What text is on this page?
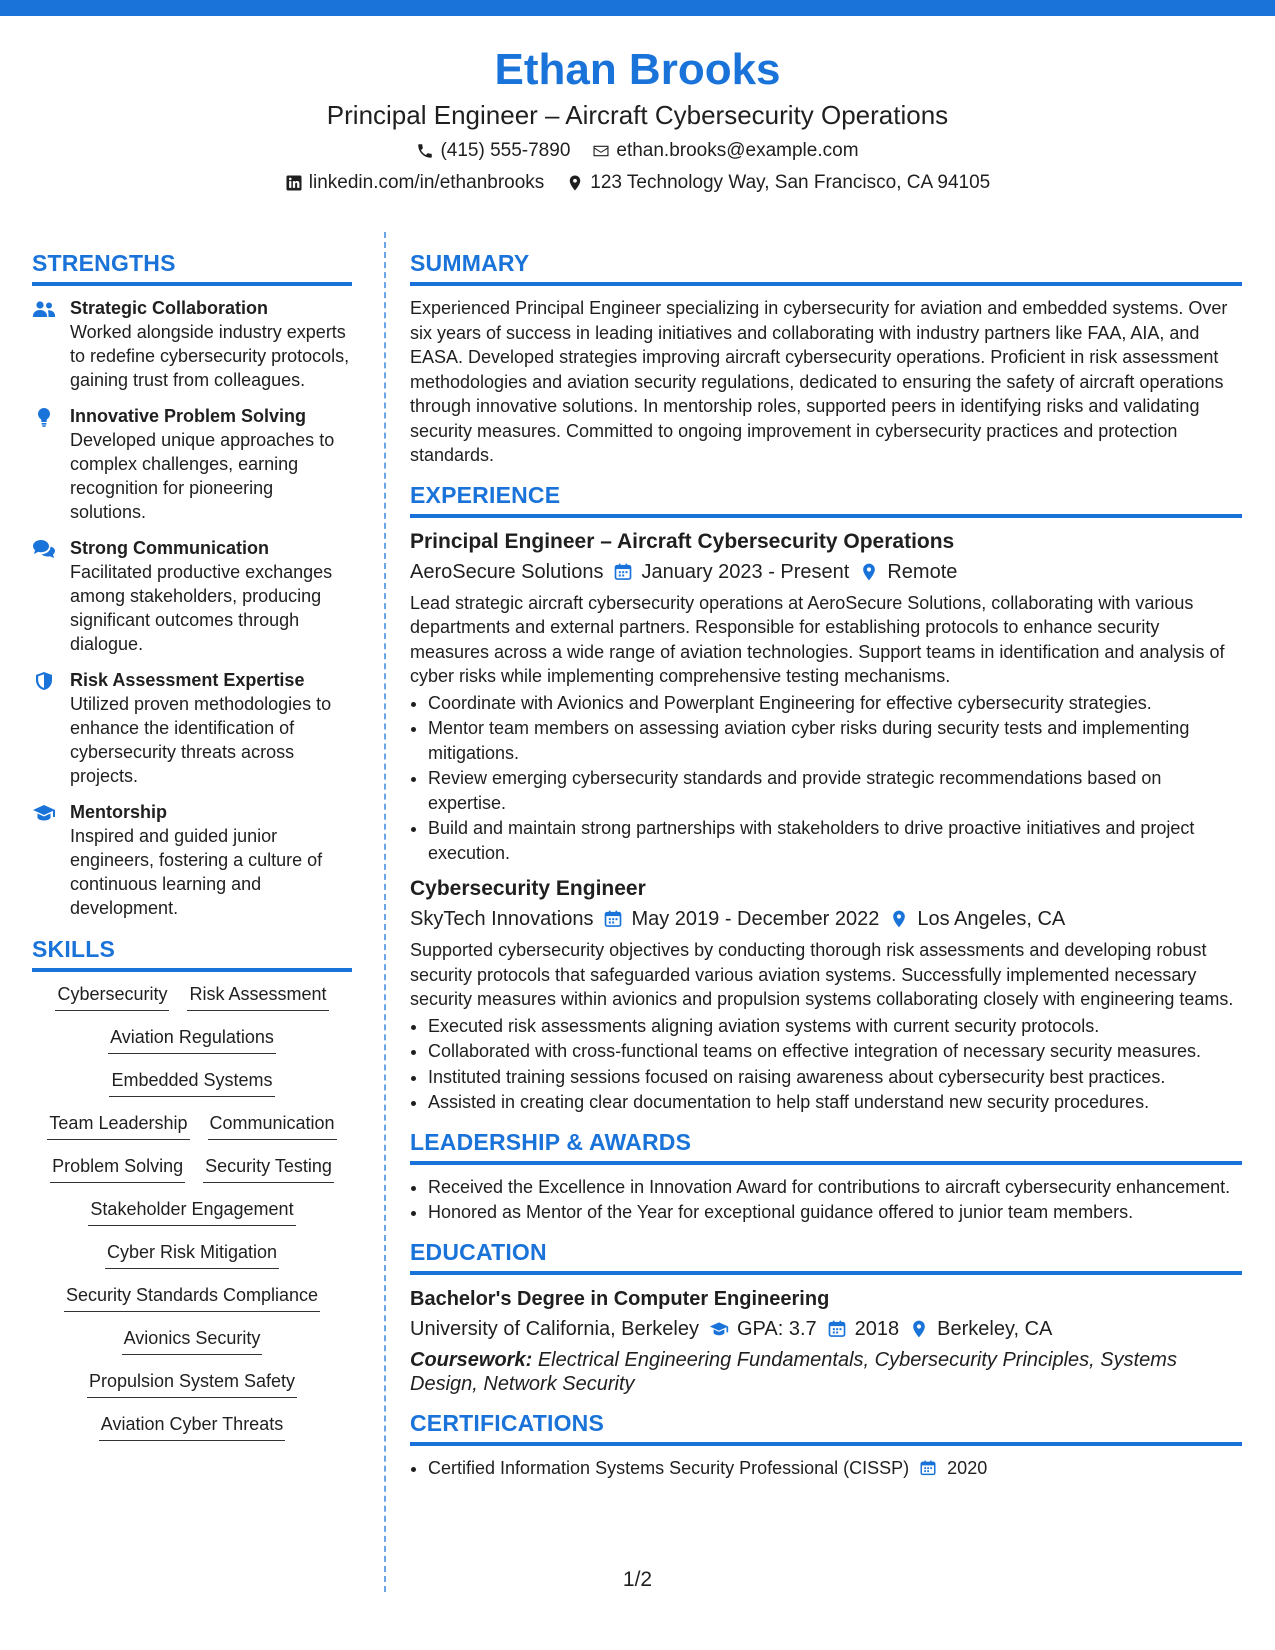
Ethan Brooks
Principal Engineer – Aircraft Cybersecurity Operations
(415) 555-7890 ethan.brooks@example.com
linkedin.com/in/ethanbrooks 123 Technology Way, San Francisco, CA 94105
STRENGTHS
Strategic Collaboration
Worked alongside industry experts to redefine cybersecurity protocols, gaining trust from colleagues.
Innovative Problem Solving
Developed unique approaches to complex challenges, earning recognition for pioneering solutions.
Strong Communication
Facilitated productive exchanges among stakeholders, producing significant outcomes through dialogue.
Risk Assessment Expertise
Utilized proven methodologies to enhance the identification of cybersecurity threats across projects.
Mentorship
Inspired and guided junior engineers, fostering a culture of continuous learning and development.
SKILLS
Cybersecurity Risk Assessment
Aviation Regulations
Embedded Systems
Team Leadership Communication
Problem Solving Security Testing
Stakeholder Engagement
Cyber Risk Mitigation
Security Standards Compliance
Avionics Security
Propulsion System Safety
Aviation Cyber Threats
SUMMARY

Experienced Principal Engineer specializing in cybersecurity for aviation and embedded systems. Over six years of success in leading initiatives and collaborating with industry partners like FAA, AIA, and EASA. Developed strategies improving aircraft cybersecurity operations. Proficient in risk assessment methodologies and aviation security regulations, dedicated to ensuring the safety of aircraft operations through innovative solutions. In mentorship roles, supported peers in identifying risks and validating security measures. Committed to ongoing improvement in cybersecurity practices and protection standards.

EXPERIENCE
Principal Engineer – Aircraft Cybersecurity Operations
AeroSecure Solutions January 2023 - Present Remote

Lead strategic aircraft cybersecurity operations at AeroSecure Solutions, collaborating with various departments and external partners. Responsible for establishing protocols to enhance security measures across a wide range of aviation technologies. Support teams in identification and analysis of cyber risks while implementing comprehensive testing mechanisms.

• Coordinate with Avionics and Powerplant Engineering for effective cybersecurity strategies.
• Mentor team members on assessing aviation cyber risks during security tests and implementing mitigations.
• Review emerging cybersecurity standards and provide strategic recommendations based on expertise.
• Build and maintain strong partnerships with stakeholders to drive proactive initiatives and project execution.
Cybersecurity Engineer
SkyTech Innovations May 2019 - December 2022 Los Angeles, CA

Supported cybersecurity objectives by conducting thorough risk assessments and developing robust security protocols that safeguarded various aviation systems. Successfully implemented necessary security measures within avionics and propulsion systems collaborating closely with engineering teams.

• Executed risk assessments aligning aviation systems with current security protocols.
• Collaborated with cross-functional teams on effective integration of necessary security measures.
• Instituted training sessions focused on raising awareness about cybersecurity best practices.
• Assisted in creating clear documentation to help staff understand new security procedures.
LEADERSHIP & AWARDS
• Received the Excellence in Innovation Award for contributions to aircraft cybersecurity enhancement.
• Honored as Mentor of the Year for exceptional guidance offered to junior team members.
EDUCATION
Bachelor's Degree in Computer Engineering
University of California, Berkeley GPA: 3.7 2018 Berkeley, CA
Coursework: Electrical Engineering Fundamentals, Cybersecurity Principles, Systems Design, Network Security
CERTIFICATIONS
• Certified Information Systems Security Professional (CISSP) 2020
1/2
